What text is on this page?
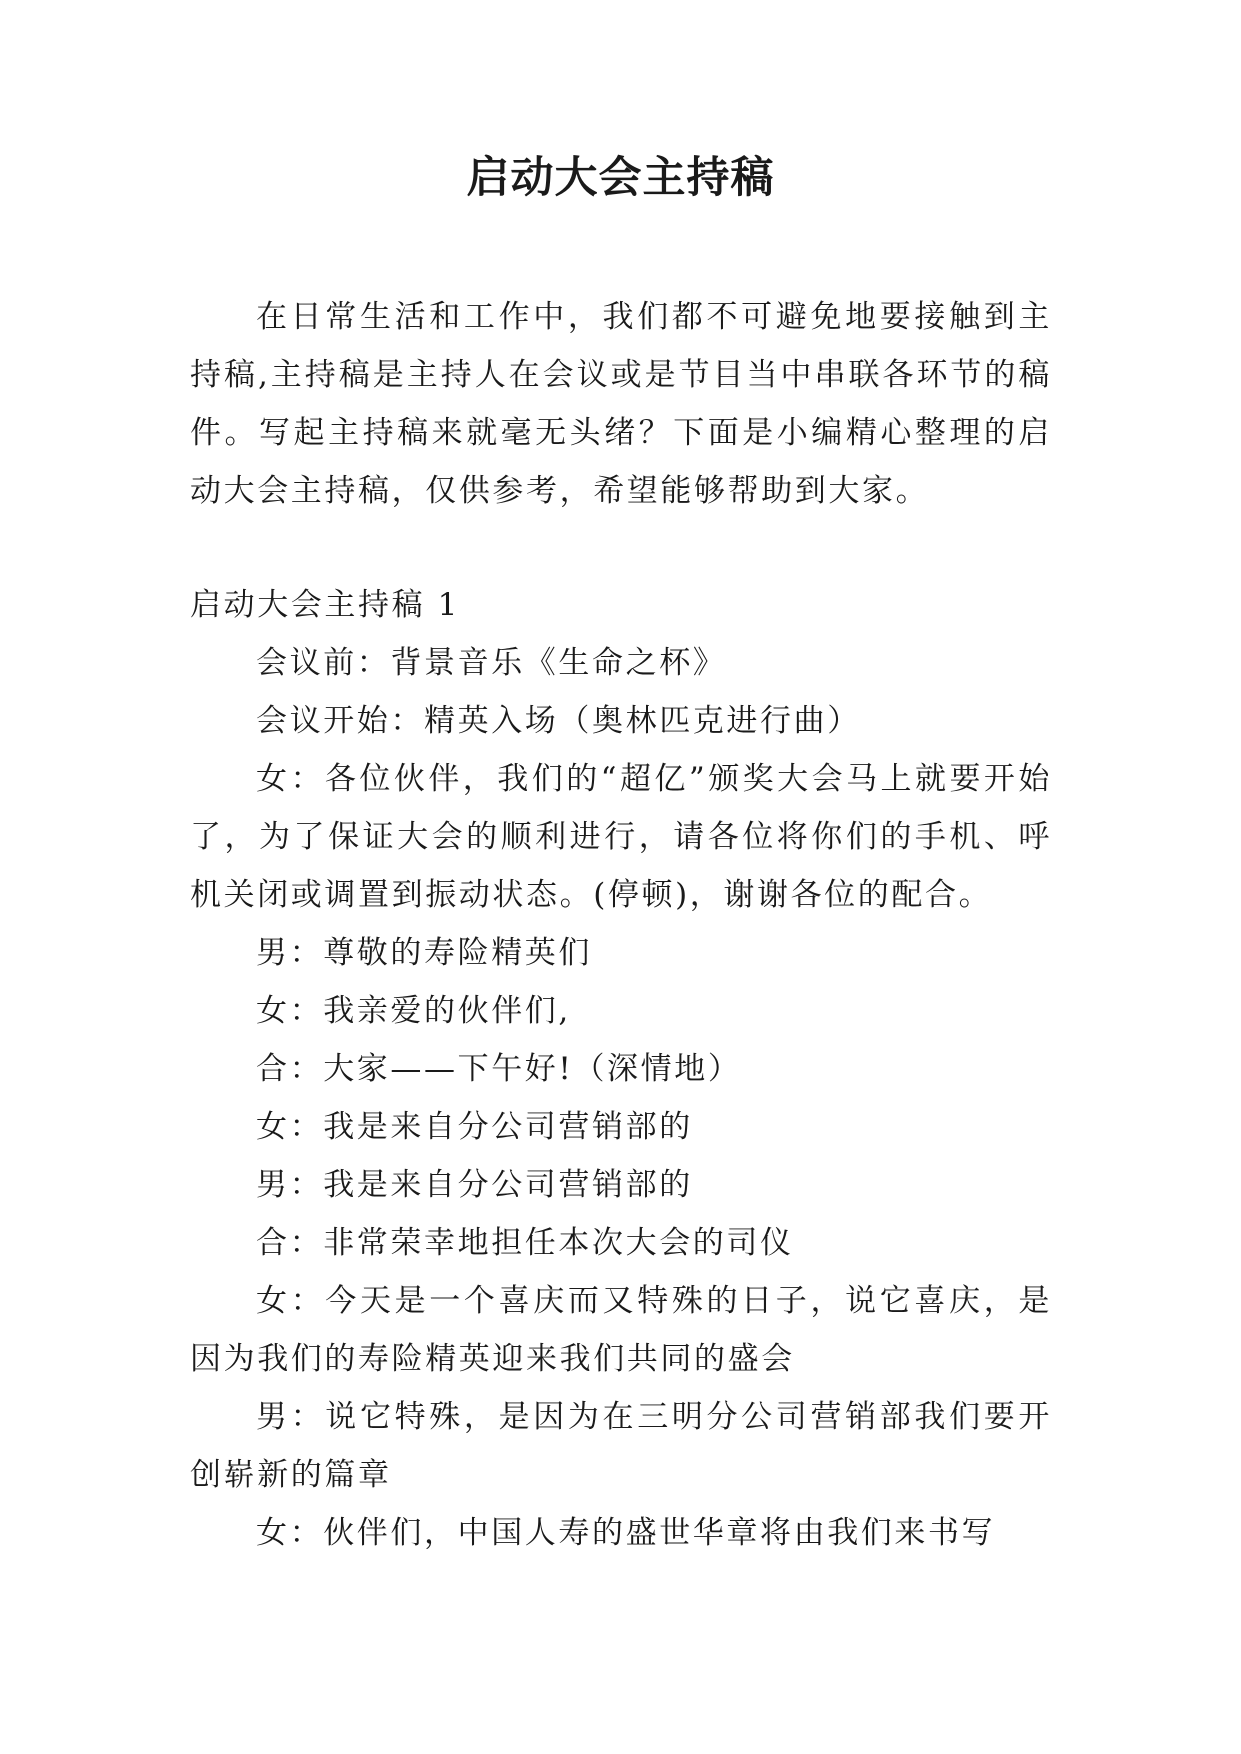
启动大会主持稿

在日常生活和工作中，我们都不可避免地要接触到主持稿,主持稿是主持人在会议或是节目当中串联各环节的稿件。写起主持稿来就毫无头绪？下面是小编精心整理的启动大会主持稿，仅供参考，希望能够帮助到大家。

启动大会主持稿 1

会议前：背景音乐《生命之杯》

会议开始：精英入场（奥林匹克进行曲）

女：各位伙伴，我们的“超亿”颁奖大会马上就要开始了，为了保证大会的顺利进行，请各位将你们的手机、呼机关闭或调置到振动状态。(停顿)，谢谢各位的配合。

男：尊敬的寿险精英们

女：我亲爱的伙伴们,

合：大家——下午好!（深情地）

女：我是来自分公司营销部的

男：我是来自分公司营销部的

合：非常荣幸地担任本次大会的司仪

女：今天是一个喜庆而又特殊的日子，说它喜庆，是因为我们的寿险精英迎来我们共同的盛会

男：说它特殊，是因为在三明分公司营销部我们要开创崭新的篇章

女：伙伴们，中国人寿的盛世华章将由我们来书写
